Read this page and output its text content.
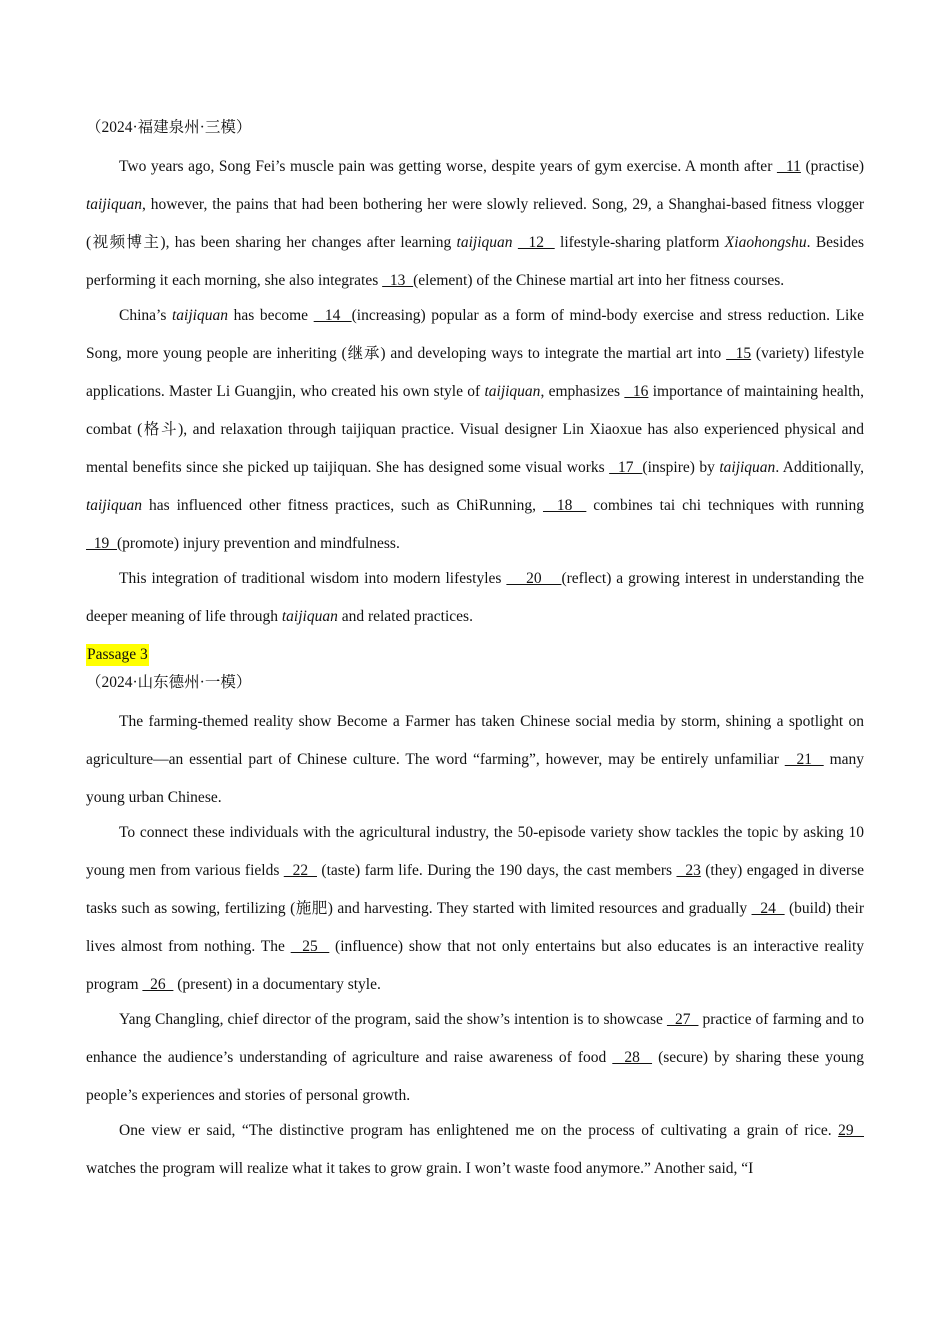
（2024·福建泉州·三模）

Two years ago, Song Fei’s muscle pain was getting worse, despite years of gym exercise. A month after   11 (practise) taijiquan, however, the pains that had been bothering her were slowly relieved. Song, 29, a Shanghai-based fitness vlogger (视频博主), has been sharing her changes after learning taijiquan   12   lifestyle-sharing platform Xiaohongshu. Besides performing it each morning, she also integrates   13  (element) of the Chinese martial art into her fitness courses.

China’s taijiquan has become   14  (increasing) popular as a form of mind-body exercise and stress reduction. Like Song, more young people are inheriting (继承) and developing ways to integrate the martial art into   15 (variety) lifestyle applications. Master Li Guangjin, who created his own style of taijiquan, emphasizes   16 importance of maintaining health, combat (格斗), and relaxation through taijiquan practice. Visual designer Lin Xiaoxue has also experienced physical and mental benefits since she picked up taijiquan. She has designed some visual works   17  (inspire) by taijiquan. Additionally, taijiquan has influenced other fitness practices, such as ChiRunning,   18   combines tai chi techniques with running   19  (promote) injury prevention and mindfulness.

This integration of traditional wisdom into modern lifestyles     20    (reflect) a growing interest in understanding the deeper meaning of life through taijiquan and related practices.

Passage 3
（2024·山东德州·一模）

The farming-themed reality show Become a Farmer has taken Chinese social media by storm, shining a spotlight on agriculture—an essential part of Chinese culture. The word “farming”, however, may be entirely unfamiliar   21   many young urban Chinese.

To connect these individuals with the agricultural industry, the 50-episode variety show tackles the topic by asking 10 young men from various fields   22   (taste) farm life. During the 190 days, the cast members   23 (they) engaged in diverse tasks such as sowing, fertilizing (施肥) and harvesting. They started with limited resources and gradually   24   (build) their lives almost from nothing. The   25   (influence) show that not only entertains but also educates is an interactive reality program   26   (present) in a documentary style.

Yang Changling, chief director of the program, said the show’s intention is to showcase   27   practice of farming and to enhance the audience’s understanding of agriculture and raise awareness of food   28   (secure) by sharing these young people’s experiences and stories of personal growth.

One view er said, “The distinctive program has enlightened me on the process of cultivating a grain of rice. 29   watches the program will realize what it takes to grow grain. I won’t waste food anymore.” Another said, “I
